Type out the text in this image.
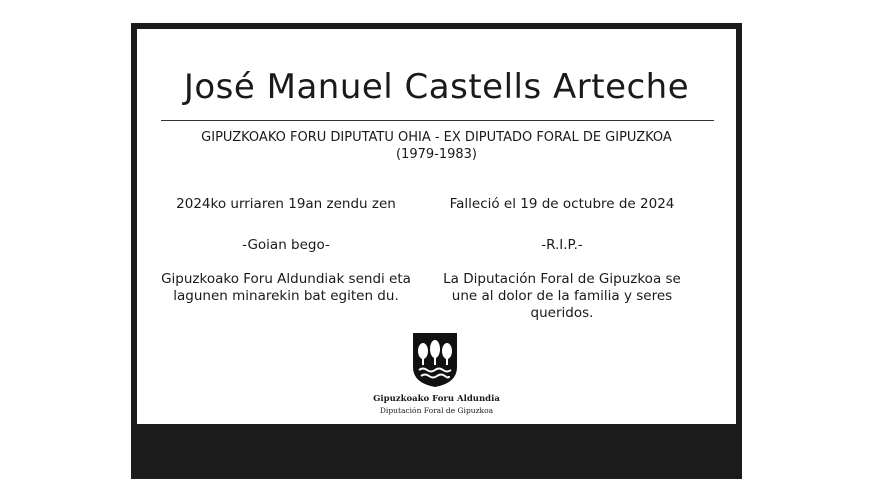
José Manuel Castells Arteche
GIPUZKOAKO FORU DIPUTATU OHIA - EX DIPUTADO FORAL DE GIPUZKOA
(1979-1983)
2024ko urriaren 19an zendu zen
-Goian bego-
Gipuzkoako Foru Aldundiak sendi eta lagunen minarekin bat egiten du.
Falleció el 19 de octubre de 2024
-R.I.P.-
La Diputación Foral de Gipuzkoa se une al dolor de la familia y seres queridos.
Gipuzkoako Foru Aldundia
Diputación Foral de Gipuzkoa
